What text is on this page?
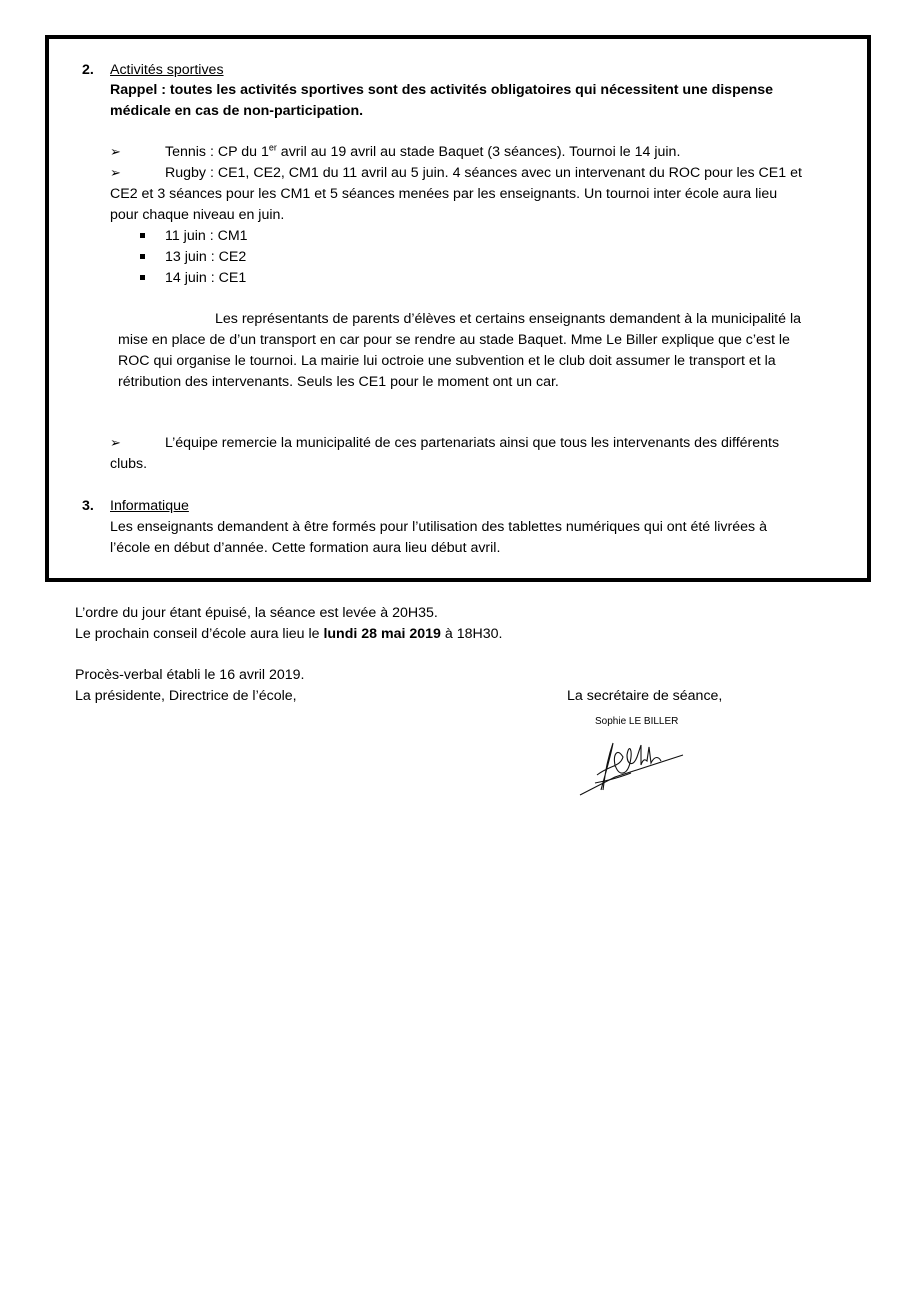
2. Activités sportives
Rappel : toutes les activités sportives sont des activités obligatoires qui nécessitent une dispense
médicale en cas de non-participation.
➢	Tennis : CP du 1er avril au 19 avril au stade Baquet (3 séances). Tournoi le 14 juin.
➢	Rugby : CE1, CE2, CM1 du 11 avril au 5 juin. 4 séances avec un intervenant du ROC pour les CE1 et
CE2 et 3 séances pour les CM1 et 5 séances menées par les enseignants. Un tournoi inter école aura lieu
pour chaque niveau en juin.
11 juin : CM1
13 juin : CE2
14 juin : CE1
Les représentants de parents d’élèves et certains enseignants demandent à la municipalité la
mise en place de d’un transport en car pour se rendre au stade Baquet. Mme Le Biller explique que c’est le
ROC qui organise le tournoi. La mairie lui octroie une subvention et le club doit assumer le transport et la
rétribution des intervenants. Seuls les CE1 pour le moment ont un car.
➢	L’équipe remercie la municipalité de ces partenariats ainsi que tous les intervenants des différents
clubs.
3. Informatique
Les enseignants demandent à être formés pour l’utilisation des tablettes numériques qui ont été livrées à
l’école en début d’année. Cette formation aura lieu début avril.
L’ordre du jour étant épuisé, la séance est levée à 20H35.
Le prochain conseil d’école aura lieu le lundi 28 mai 2019 à 18H30.
Procès-verbal établi le 16 avril 2019.
La présidente, Directrice de l’école,	La secrétaire de séance,
Sophie LE BILLER
